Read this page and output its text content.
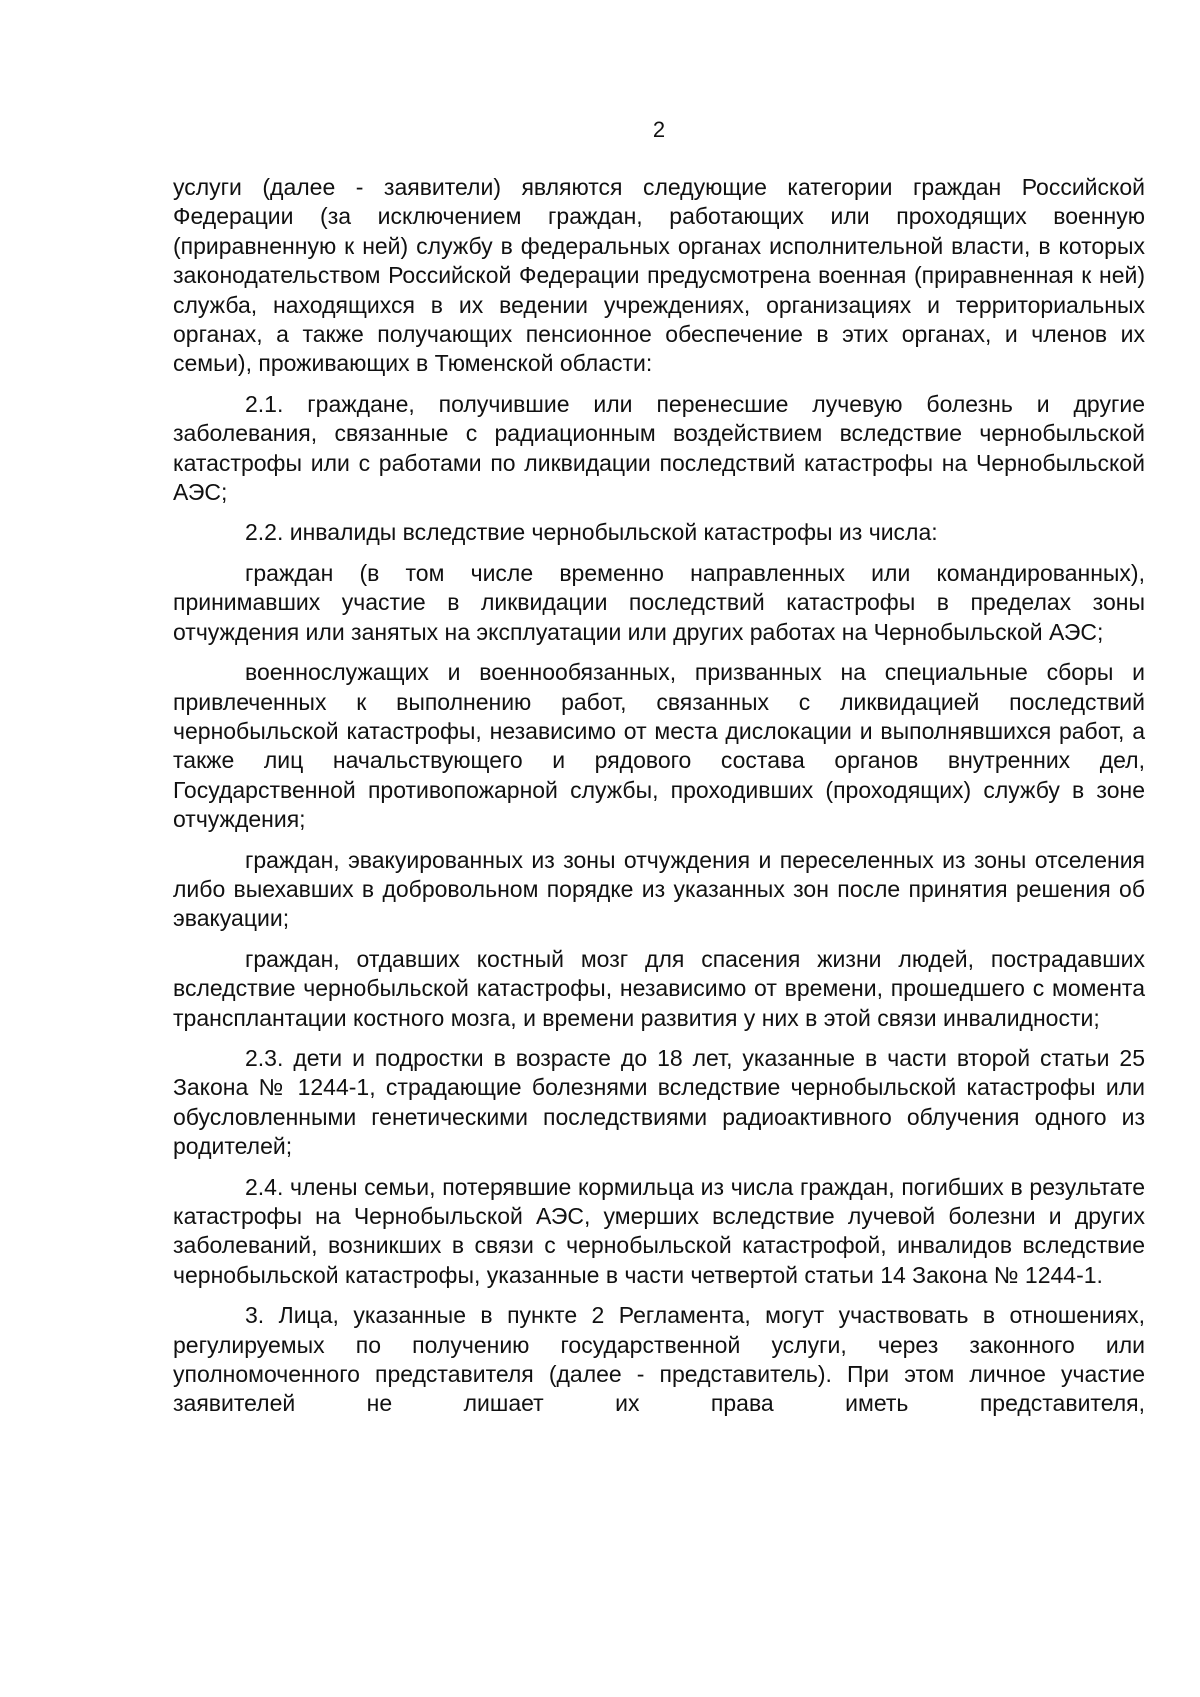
2

услуги (далее - заявители) являются следующие категории граждан Российской Федерации (за исключением граждан, работающих или проходящих военную (приравненную к ней) службу в федеральных органах исполнительной власти, в которых законодательством Российской Федерации предусмотрена военная (приравненная к ней) служба, находящихся в их ведении учреждениях, организациях и территориальных органах, а также получающих пенсионное обеспечение в этих органах, и членов их семьи), проживающих в Тюменской области:

2.1. граждане, получившие или перенесшие лучевую болезнь и другие заболевания, связанные с радиационным воздействием вследствие чернобыльской катастрофы или с работами по ликвидации последствий катастрофы на Чернобыльской АЭС;

2.2. инвалиды вследствие чернобыльской катастрофы из числа:

граждан (в том числе временно направленных или командированных), принимавших участие в ликвидации последствий катастрофы в пределах зоны отчуждения или занятых на эксплуатации или других работах на Чернобыльской АЭС;

военнослужащих и военнообязанных, призванных на специальные сборы и привлеченных к выполнению работ, связанных с ликвидацией последствий чернобыльской катастрофы, независимо от места дислокации и выполнявшихся работ, а также лиц начальствующего и рядового состава органов внутренних дел, Государственной противопожарной службы, проходивших (проходящих) службу в зоне отчуждения;

граждан, эвакуированных из зоны отчуждения и переселенных из зоны отселения либо выехавших в добровольном порядке из указанных зон после принятия решения об эвакуации;

граждан, отдавших костный мозг для спасения жизни людей, пострадавших вследствие чернобыльской катастрофы, независимо от времени, прошедшего с момента трансплантации костного мозга, и времени развития у них в этой связи инвалидности;

2.3. дети и подростки в возрасте до 18 лет, указанные в части второй статьи 25 Закона № 1244-1, страдающие болезнями вследствие чернобыльской катастрофы или обусловленными генетическими последствиями радиоактивного облучения одного из родителей;

2.4. члены семьи, потерявшие кормильца из числа граждан, погибших в результате катастрофы на Чернобыльской АЭС, умерших вследствие лучевой болезни и других заболеваний, возникших в связи с чернобыльской катастрофой, инвалидов вследствие чернобыльской катастрофы, указанные в части четвертой статьи 14 Закона № 1244-1.

3. Лица, указанные в пункте 2 Регламента, могут участвовать в отношениях, регулируемых по получению государственной услуги, через законного или уполномоченного представителя (далее - представитель). При этом личное участие заявителей не лишает их права иметь представителя,
